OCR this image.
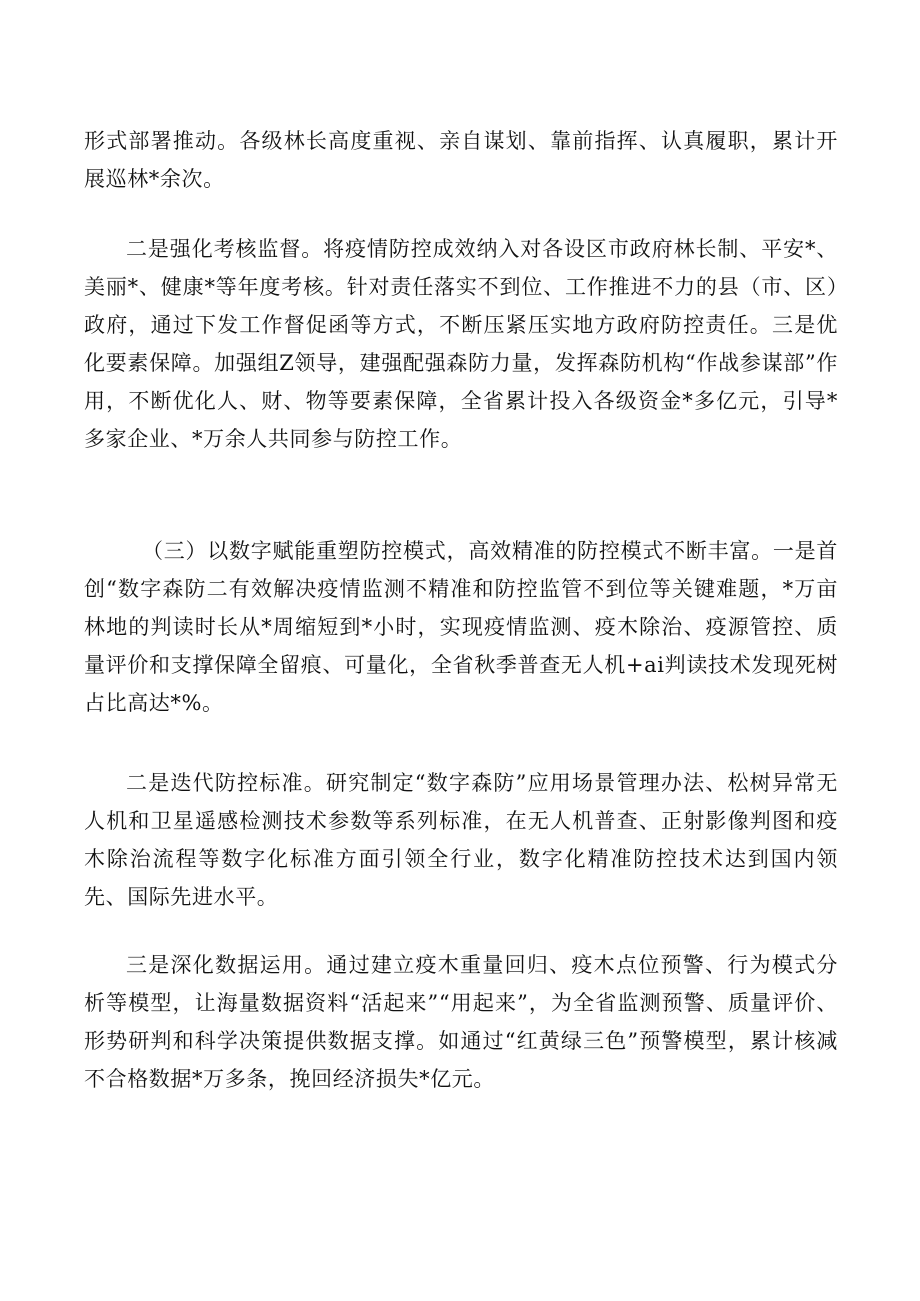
形式部署推动。各级林长高度重视、亲自谋划、靠前指挥、认真履职，累计开展巡林*余次。

二是强化考核监督。将疫情防控成效纳入对各设区市政府林长制、平安*、美丽*、健康*等年度考核。针对责任落实不到位、工作推进不力的县（市、区）政府，通过下发工作督促函等方式，不断压紧压实地方政府防控责任。三是优化要素保障。加强组Z领导，建强配强森防力量，发挥森防机构“作战参谋部”作用，不断优化人、财、物等要素保障，全省累计投入各级资金*多亿元，引导*多家企业、*万余人共同参与防控工作。

（三）以数字赋能重塑防控模式，高效精准的防控模式不断丰富。一是首创“数字森防二有效解决疫情监测不精准和防控监管不到位等关键难题，*万亩林地的判读时长从*周缩短到*小时，实现疫情监测、疫木除治、疫源管控、质量评价和支撑保障全留痕、可量化，全省秋季普查无人机+ai判读技术发现死树占比高达*%。

二是迭代防控标准。研究制定“数字森防”应用场景管理办法、松树异常无人机和卫星遥感检测技术参数等系列标准，在无人机普查、正射影像判图和疫木除治流程等数字化标准方面引领全行业，数字化精准防控技术达到国内领先、国际先进水平。

三是深化数据运用。通过建立疫木重量回归、疫木点位预警、行为模式分析等模型，让海量数据资料“活起来”“用起来”，为全省监测预警、质量评价、形势研判和科学决策提供数据支撑。如通过“红黄绿三色”预警模型，累计核减不合格数据*万多条，挽回经济损失*亿元。
